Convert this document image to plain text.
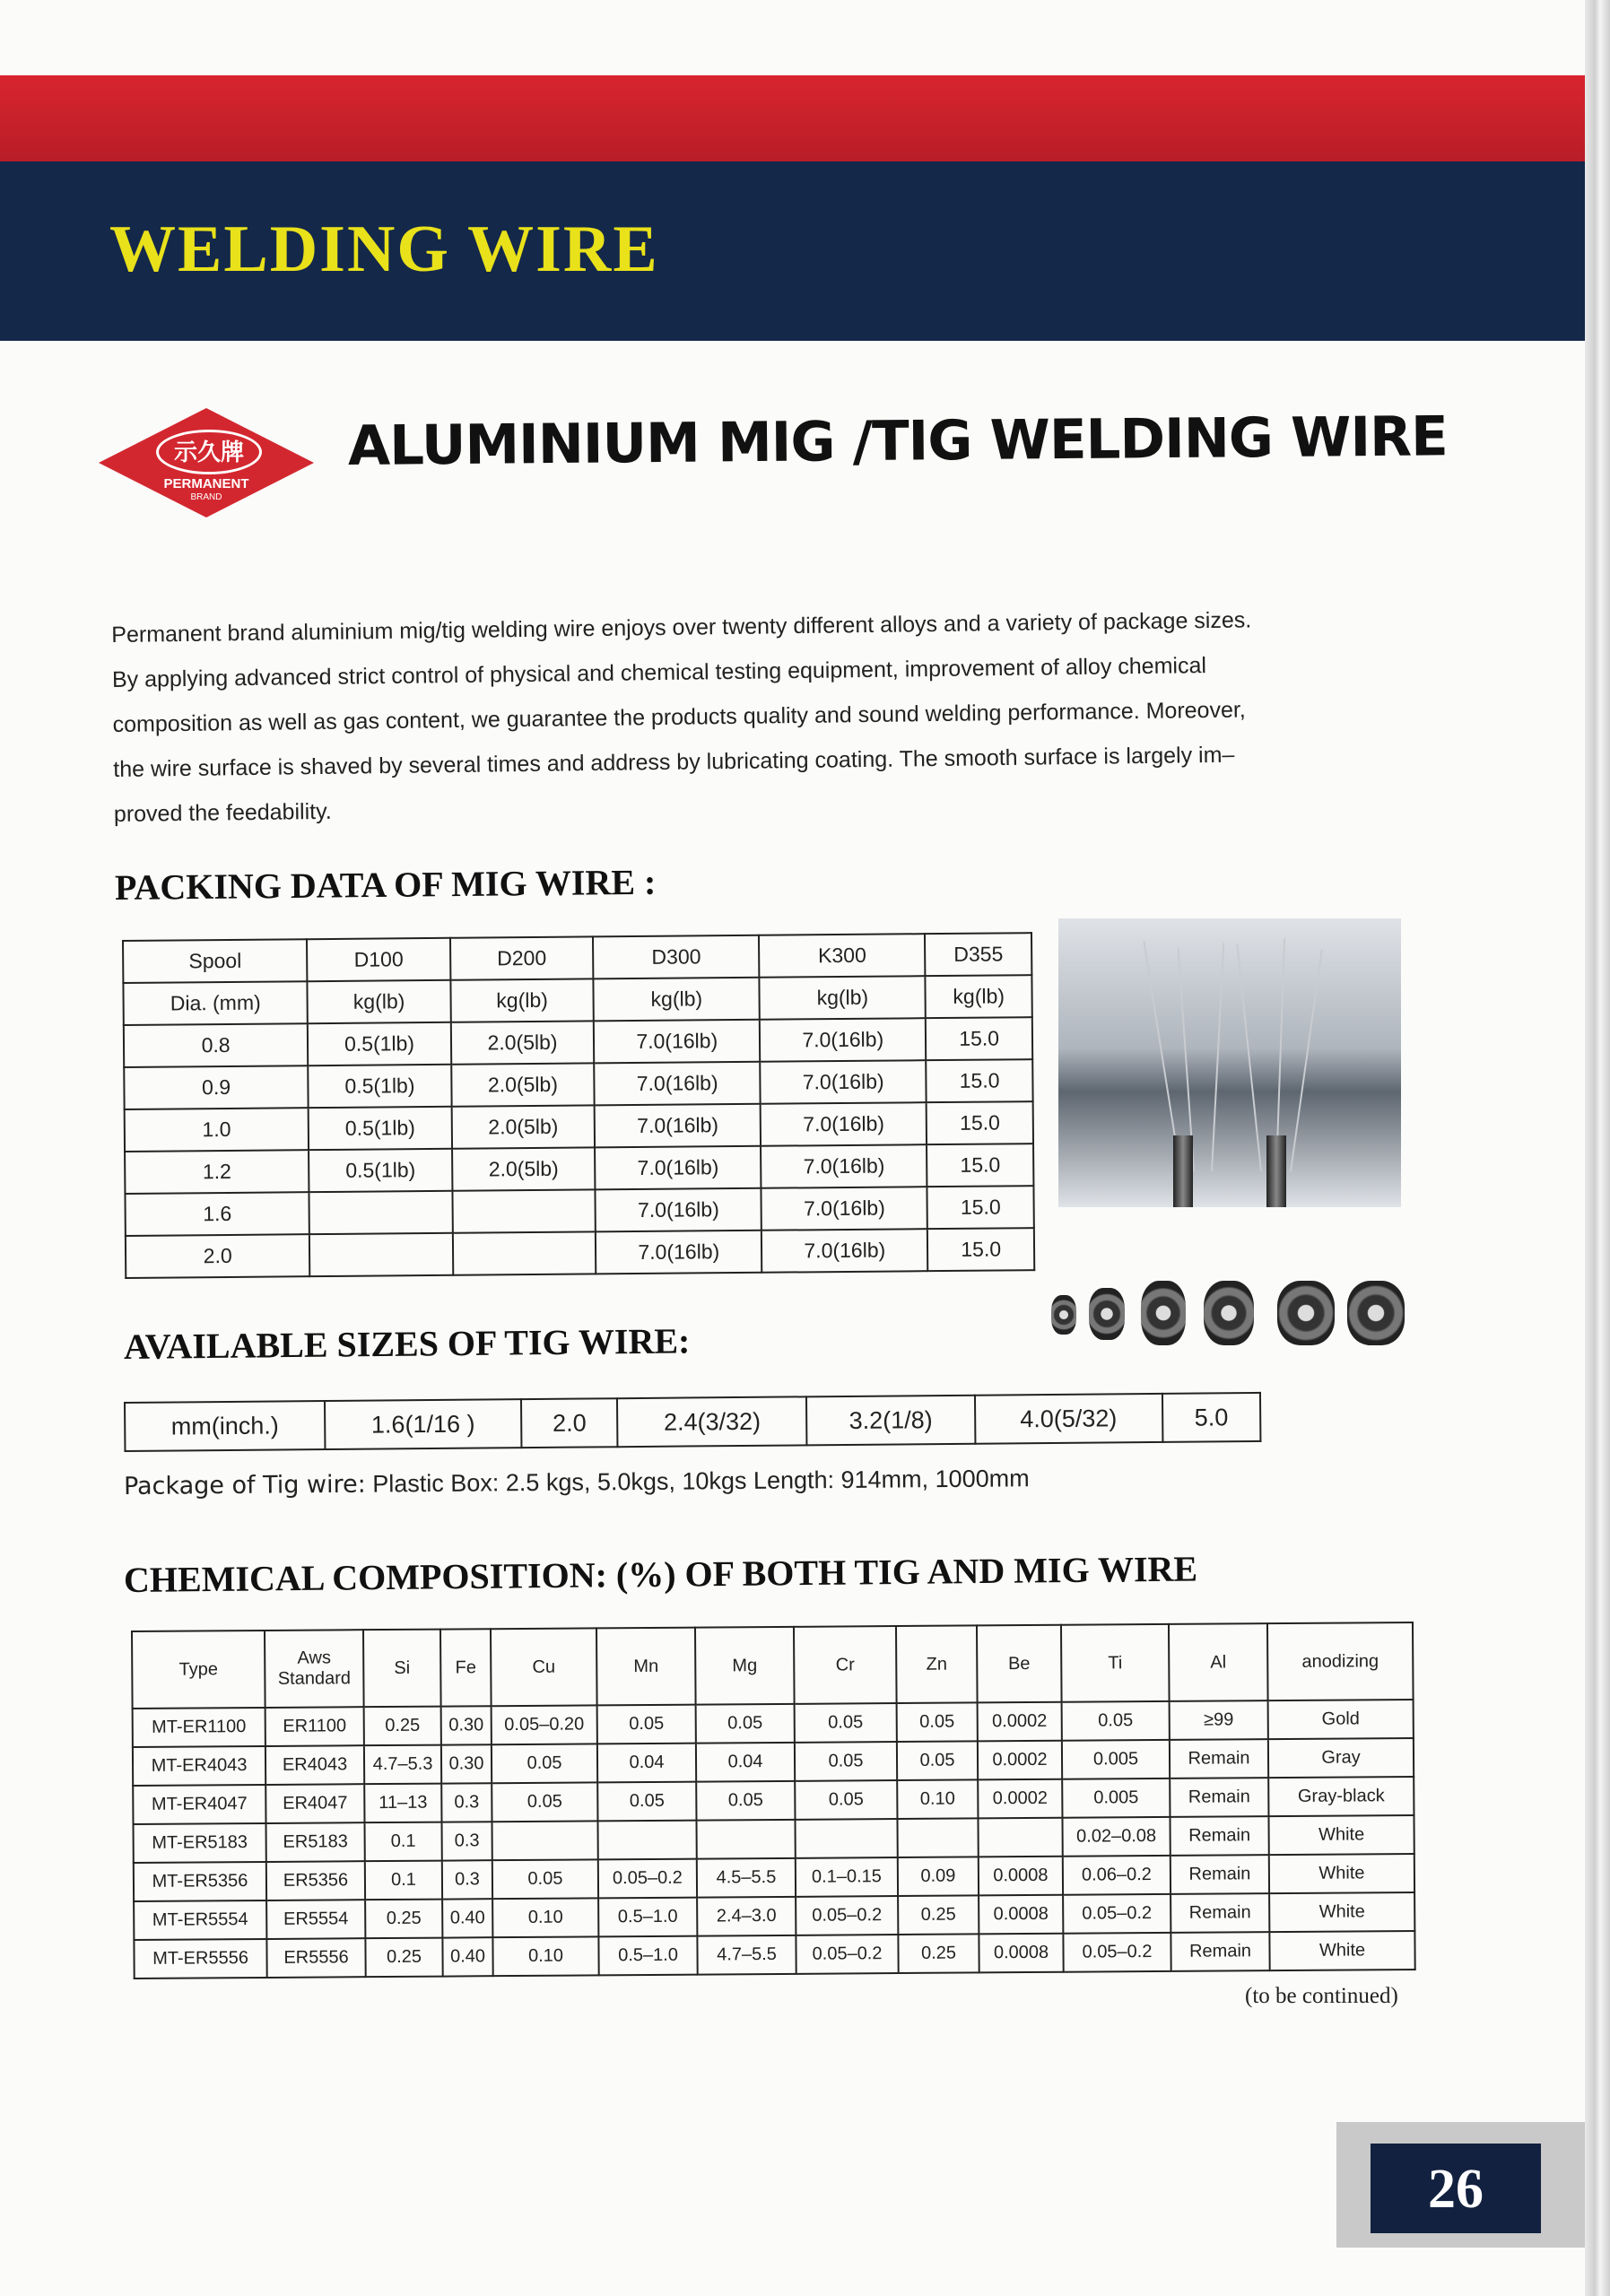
WELDING WIRE
示久牌
PERMANENT
BRAND
ALUMINIUM MIG /TIG WELDING WIRE

Permanent brand aluminium mig/tig welding wire enjoys over twenty different alloys and a variety of package sizes.

By applying advanced strict control of physical and chemical testing equipment, improvement of alloy chemical

composition as well as gas content, we guarantee the products quality and sound welding performance. Moreover,

the wire surface is shaved by several times and address by lubricating coating. The smooth surface is largely im–

proved the feedability.

PACKING DATA OF MIG WIRE :
Spool	D100	D200	D300	K300	D355
Dia. (mm)	kg(lb)	kg(lb)	kg(lb)	kg(lb)	kg(lb)
0.8	0.5(1lb)	2.0(5lb)	7.0(16lb)	7.0(16lb)	15.0
0.9	0.5(1lb)	2.0(5lb)	7.0(16lb)	7.0(16lb)	15.0
1.0	0.5(1lb)	2.0(5lb)	7.0(16lb)	7.0(16lb)	15.0
1.2	0.5(1lb)	2.0(5lb)	7.0(16lb)	7.0(16lb)	15.0
1.6			7.0(16lb)	7.0(16lb)	15.0
2.0			7.0(16lb)	7.0(16lb)	15.0
AVAILABLE SIZES OF TIG WIRE:
mm(inch.)	1.6(1/16 )	2.0	2.4(3/32)	3.2(1/8)	4.0(5/32)	5.0
Package of Tig wire: Plastic Box: 2.5 kgs, 5.0kgs, 10kgs Length: 914mm, 1000mm
CHEMICAL COMPOSITION: (%) OF BOTH TIG AND MIG WIRE
Type	Aws Standard	Si	Fe	Cu	Mn	Mg	Cr	Zn	Be	Ti	Al	anodizing
MT-ER1100	ER1100	0.25	0.30	0.05–0.20	0.05	0.05	0.05	0.05	0.0002	0.05	≥99	Gold
MT-ER4043	ER4043	4.7–5.3	0.30	0.05	0.04	0.04	0.05	0.05	0.0002	0.005	Remain	Gray
MT-ER4047	ER4047	11–13	0.3	0.05	0.05	0.05	0.05	0.10	0.0002	0.005	Remain	Gray-black
MT-ER5183	ER5183	0.1	0.3							0.02–0.08	Remain	White
MT-ER5356	ER5356	0.1	0.3	0.05	0.05–0.2	4.5–5.5	0.1–0.15	0.09	0.0008	0.06–0.2	Remain	White
MT-ER5554	ER5554	0.25	0.40	0.10	0.5–1.0	2.4–3.0	0.05–0.2	0.25	0.0008	0.05–0.2	Remain	White
MT-ER5556	ER5556	0.25	0.40	0.10	0.5–1.0	4.7–5.5	0.05–0.2	0.25	0.0008	0.05–0.2	Remain	White
(to be continued)
26
